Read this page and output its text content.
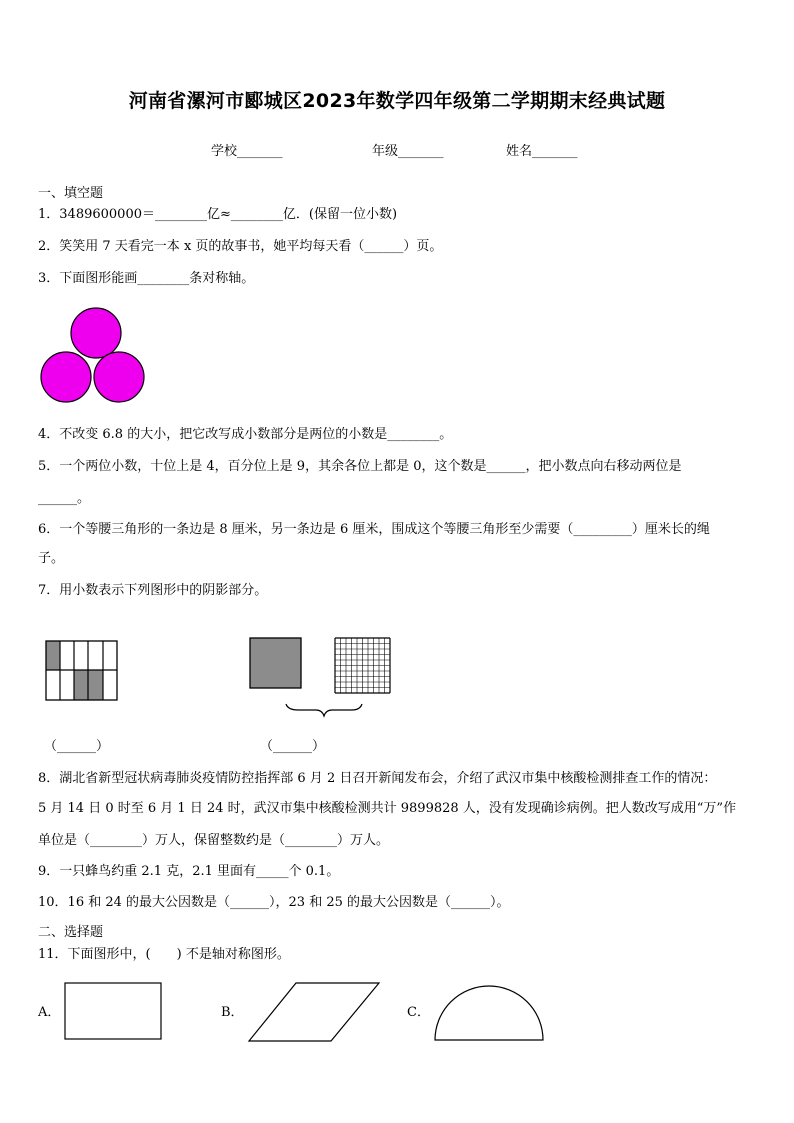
河南省漯河市郾城区2023年数学四年级第二学期期末经典试题
学校_______	年级_______	姓名_______
一、填空题
1．3489600000＝________亿≈________亿．(保留一位小数)
2．笑笑用 7 天看完一本 x 页的故事书，她平均每天看（______）页。
3．下面图形能画________条对称轴。
4．不改变 6.8 的大小，把它改写成小数部分是两位的小数是________。
5．一个两位小数，十位上是 4，百分位上是 9，其余各位上都是 0，这个数是______，把小数点向右移动两位是
______。
6．一个等腰三角形的一条边是 8 厘米，另一条边是 6 厘米，围成这个等腰三角形至少需要（_________）厘米长的绳
子。
7．用小数表示下列图形中的阴影部分。
（______）	（______）
8．湖北省新型冠状病毒肺炎疫情防控指挥部 6 月 2 日召开新闻发布会，介绍了武汉市集中核酸检测排查工作的情况：
5 月 14 日 0 时至 6 月 1 日 24 时，武汉市集中核酸检测共计 9899828 人，没有发现确诊病例。把人数改写成用“万”作
单位是（________）万人，保留整数约是（________）万人。
9．一只蜂鸟约重 2.1 克，2.1 里面有_____个 0.1。
10．16 和 24 的最大公因数是（______），23 和 25 的最大公因数是（______）。
二、选择题
11．下面图形中，(　　) 不是轴对称图形。
A．	B．	C．
